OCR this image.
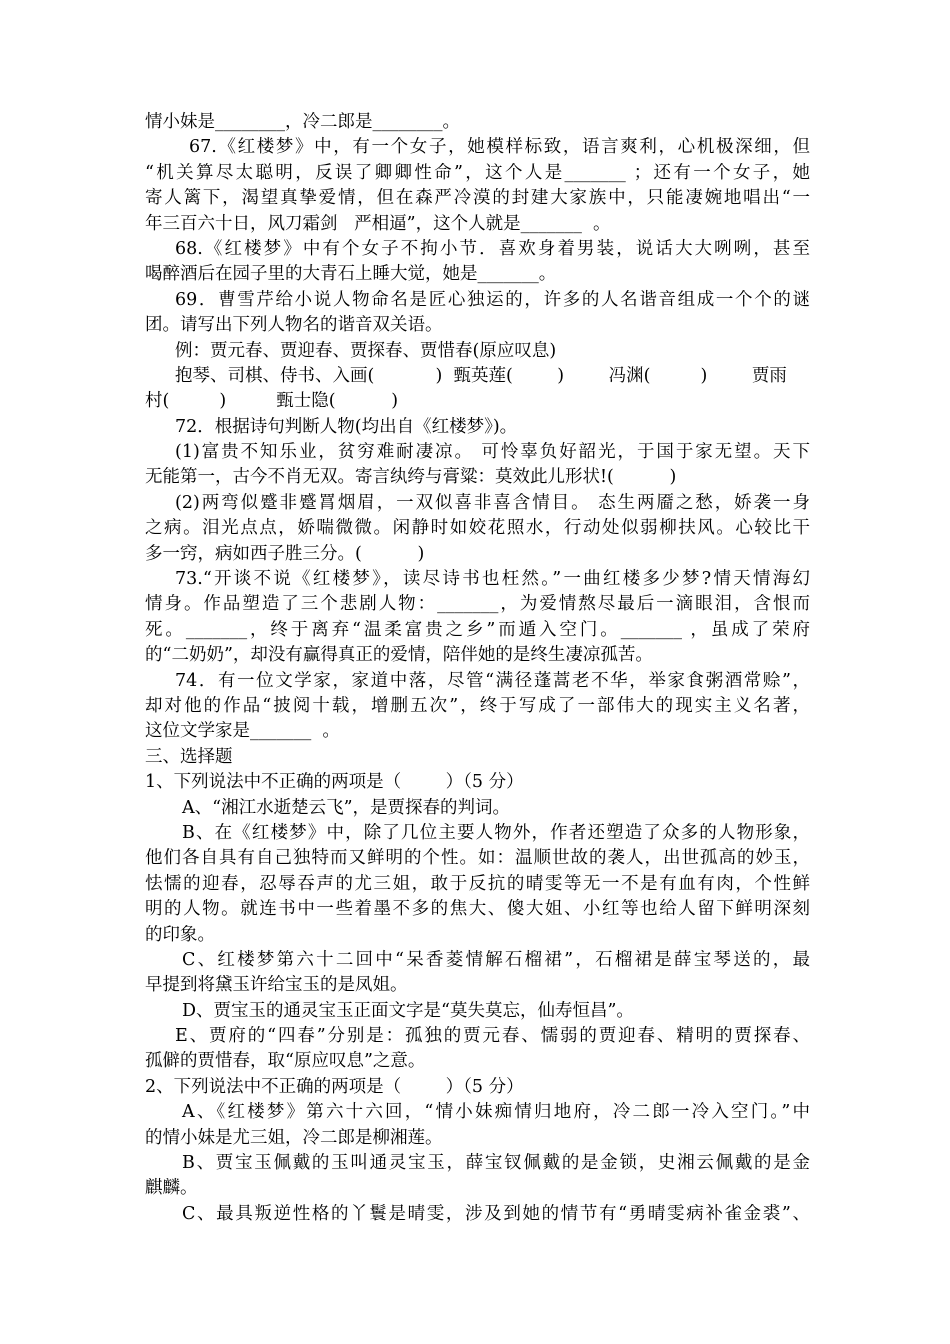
情小妹是________，冷二郎是________。
67.《红楼梦》中，有一个女子，她模样标致，语言爽利，心机极深细，但
“机关算尽太聪明，反误了卿卿性命”，这个人是_______ ；还有一个女子，她
寄人篱下，渴望真挚爱情，但在森严冷漠的封建大家族中，只能凄婉地唱出“一
年三百六十日，风刀霜剑   严相逼”，这个人就是_______  。
68.《红楼梦》中有个女子不拘小节．喜欢身着男装，说话大大咧咧，甚至
喝醉酒后在园子里的大青石上睡大觉，她是_______。
69．曹雪芹给小说人物命名是匠心独运的，许多的人名谐音组成一个个的谜
团。请写出下列人物名的谐音双关语。
例：贾元春、贾迎春、贾探春、贾惜春(原应叹息)
抱琴、司棋、侍书、入画(           )  甄英莲(        )        冯渊(         )        贾雨
村(         )         甄士隐(          )
72．根据诗句判断人物(均出自《红楼梦》)。
(1)富贵不知乐业，贫穷难耐凄凉。 可怜辜负好韶光，于国于家无望。天下
无能第一，古今不肖无双。寄言纨绔与膏粱：莫效此儿形状!(          )
(2)两弯似蹙非蹙罥烟眉，一双似喜非喜含情目。 态生两靥之愁，娇袭一身
之病。泪光点点，娇喘微微。闲静时如姣花照水，行动处似弱柳扶风。心较比干
多一窍，病如西子胜三分。(          )
73.“开谈不说《红楼梦》，读尽诗书也枉然。”一曲红楼多少梦?情天情海幻
情身。作品塑造了三个悲剧人物：_______，为爱情熬尽最后一滴眼泪，含恨而
死。_______，终于离弃“温柔富贵之乡”而遁入空门。_______ ，虽成了荣府
的“二奶奶”，却没有赢得真正的爱情，陪伴她的是终生凄凉孤苦。
74．有一位文学家，家道中落，尽管“满径蓬蒿老不华，举家食粥酒常赊”，
却对他的作品“披阅十载，增删五次”，终于写成了一部伟大的现实主义名著，
这位文学家是_______  。
三、选择题
1、下列说法中不正确的两项是（        ）（5 分）
A、“湘江水逝楚云飞”，是贾探春的判词。
B、在《红楼梦》中，除了几位主要人物外，作者还塑造了众多的人物形象，
他们各自具有自己独特而又鲜明的个性。如：温顺世故的袭人，出世孤高的妙玉，
怯懦的迎春，忍辱吞声的尤三姐，敢于反抗的晴雯等无一不是有血有肉，个性鲜
明的人物。就连书中一些着墨不多的焦大、傻大姐、小红等也给人留下鲜明深刻
的印象。
C、红楼梦第六十二回中“呆香菱情解石榴裙”，石榴裙是薛宝琴送的，最
早提到将黛玉许给宝玉的是凤姐。
D、贾宝玉的通灵宝玉正面文字是“莫失莫忘，仙寿恒昌”。
E、贾府的“四春”分别是：孤独的贾元春、懦弱的贾迎春、精明的贾探春、
孤僻的贾惜春，取“原应叹息”之意。
2、下列说法中不正确的两项是（        ）（5 分）
A、《红楼梦》第六十六回，“情小妹痴情归地府，冷二郎一冷入空门。”中
的情小妹是尤三姐，冷二郎是柳湘莲。
B、贾宝玉佩戴的玉叫通灵宝玉，薛宝钗佩戴的是金锁，史湘云佩戴的是金
麒麟。
C、最具叛逆性格的丫鬟是晴雯，涉及到她的情节有“勇晴雯病补雀金裘”、
